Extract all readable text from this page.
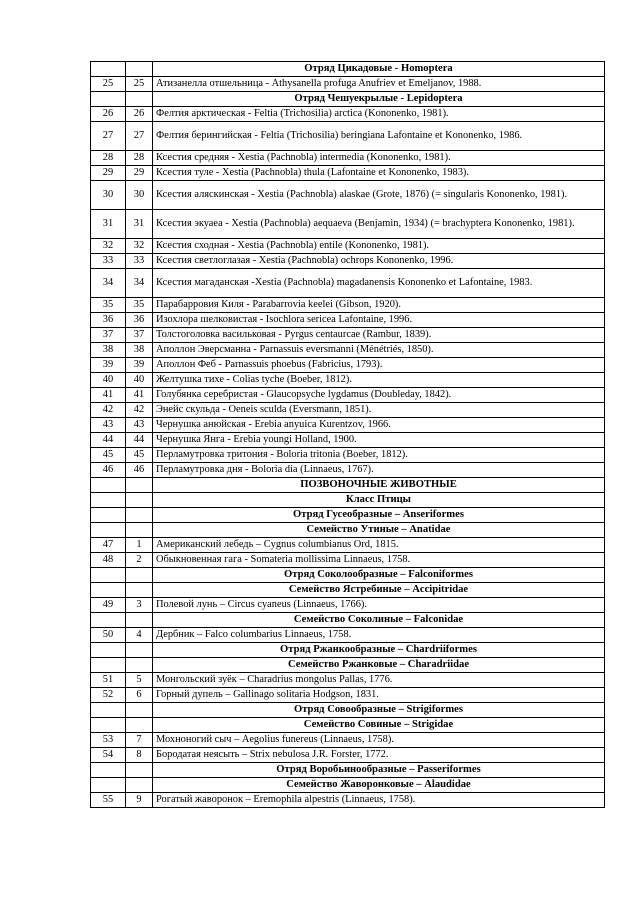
		Отряд Цикадовые - Homoptera
25	25	Атизанелла отшельница - Athysanella profuga Anufriev et Emeljanov, 1988.
		Отряд Чешуекрылые - Lepidoptera
26	26	Фелтия арктическая - Feltia (Trichosilia) arctica (Kononenko, 1981).
27	27	Фелтия берингийская - Feltia (Trichosilia) beringiana Lafontaine et Kononenko, 1986.
28	28	Ксестия средняя - Xestia (Pachnobla) intermedia (Kononenko, 1981).
29	29	Ксестия туле - Xestia (Pachnobla) thula (Lafontaine et Kononenko, 1983).
30	30	Ксестия аляскинская - Xestia (Pachnobla) alaskae (Grote, 1876) (= singularis Kononenko, 1981).
31	31	Ксестия экуаеа - Xestia (Pachnobla) aequaeva (Benjamin, 1934) (= brachyptera Kononenko, 1981).
32	32	Ксестия сходная - Xestia (Pachnobla) entile (Kononenko, 1981).
33	33	Ксестия светлоглазая - Xestia (Pachnobla) ochrops Kononenko, 1996.
34	34	Ксестия магаданская -Xestia (Pachnobla) magadanensis Kononenko et Lafontaine, 1983.
35	35	Парабарровия Киля - Parabarrovia keelei (Gibson, 1920).
36	36	Изохлора шелковистая - Isochlora sericea Lafontaine, 1996.
37	37	Толстоголовка васильковая - Pyrgus centaurcae (Rambur, 1839).
38	38	Аполлон Эверсманна - Parnassuis eversmanni (Ménétriés, 1850).
39	39	Аполлон Феб - Parnassuis phoebus (Fabricius, 1793).
40	40	Желтушка тихе - Colias tyche (Boeber, 1812).
41	41	Голубянка серебристая - Glaucopsyche lygdamus (Doubleday, 1842).
42	42	Энейс скульда - Oeneis sculda (Eversmann, 1851).
43	43	Чернушка анюйская - Erebia anyuica Kurentzov, 1966.
44	44	Чернушка Янга - Erebia youngi Holland, 1900.
45	45	Перламутровка тритония - Boloria tritonia (Boeber, 1812).
46	46	Перламутровка дня - Boloria dia (Linnaeus, 1767).
		ПОЗВОНОЧНЫЕ ЖИВОТНЫЕ
		Класс Птицы
		Отряд Гусеобразные – Anseriformes
		Семейство Утиные – Anatidae
47	1	Американский лебедь – Cygnus columbianus Ord, 1815.
48	2	Обыкновенная гага - Somateria mollissima Linnaeus, 1758.
		Отряд Соколообразные – Falconiformes
		Семейство Ястребиные – Accipitridae
49	3	Полевой лунь – Circus cyaneus (Linnaeus, 1766).
		Семейство Соколиные – Falconidae
50	4	Дербник – Falco columbarius Linnaeus, 1758.
		Отряд Ржанкообразные – Chardriiformes
		Семейство Ржанковые – Charadriidae
51	5	Монгольский зуёк – Charadrius mongolus Pallas, 1776.
52	6	Горный дупель – Gallinago solitaria Hodgson, 1831.
		Отряд Совообразные – Strigiformes
		Семейство Совиные – Strigidae
53	7	Мохноногий сыч – Aegolius funereus (Linnaeus, 1758).
54	8	Бородатая неясыть – Strix nebulosa J.R. Forster, 1772.
		Отряд Воробьинообразные – Passeriformes
		Семейство Жаворонковые – Alaudidae
55	9	Рогатый жаворонок – Eremophila alpestris (Linnaeus, 1758).
